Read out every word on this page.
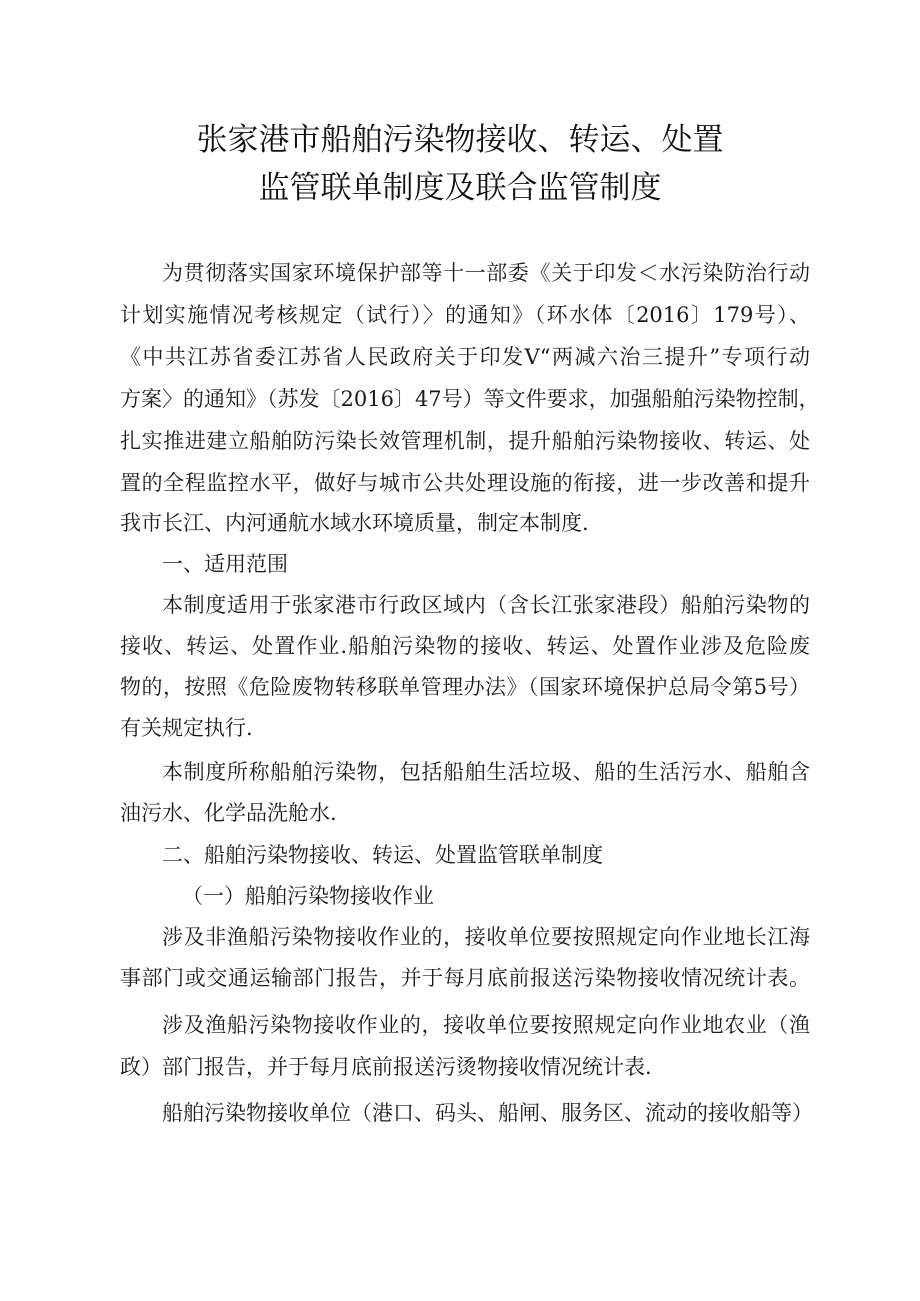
张家港市船舶污染物接收、转运、处置
监管联单制度及联合监管制度
为贯彻落实国家环境保护部等十一部委《关于印发＜水污染防治行动
计划实施情况考核规定（试行）〉的通知》（环水体〔2016〕179号）、
《中共江苏省委江苏省人民政府关于印发V“两减六治三提升”专项行动
方案〉的通知》（苏发〔2016〕47号）等文件要求，加强船舶污染物控制，
扎实推进建立船舶防污染长效管理机制，提升船舶污染物接收、转运、处
置的全程监控水平，做好与城市公共处理设施的衔接，进一步改善和提升
我市长江、内河通航水域水环境质量，制定本制度.
一、适用范围
本制度适用于张家港市行政区域内（含长江张家港段）船舶污染物的
接收、转运、处置作业.船舶污染物的接收、转运、处置作业涉及危险废
物的，按照《危险废物转移联单管理办法》（国家环境保护总局令第5号）
有关规定执行.
本制度所称船舶污染物，包括船舶生活垃圾、船的生活污水、船舶含
油污水、化学品洗舱水.
二、船舶污染物接收、转运、处置监管联单制度
（一）船舶污染物接收作业
涉及非渔船污染物接收作业的，接收单位要按照规定向作业地长江海
事部门或交通运输部门报告，并于每月底前报送污染物接收情况统计表。
涉及渔船污染物接收作业的，接收单位要按照规定向作业地农业（渔
政）部门报告，并于每月底前报送污烫物接收情况统计表.
船舶污染物接收单位（港口、码头、船闸、服务区、流动的接收船等）
